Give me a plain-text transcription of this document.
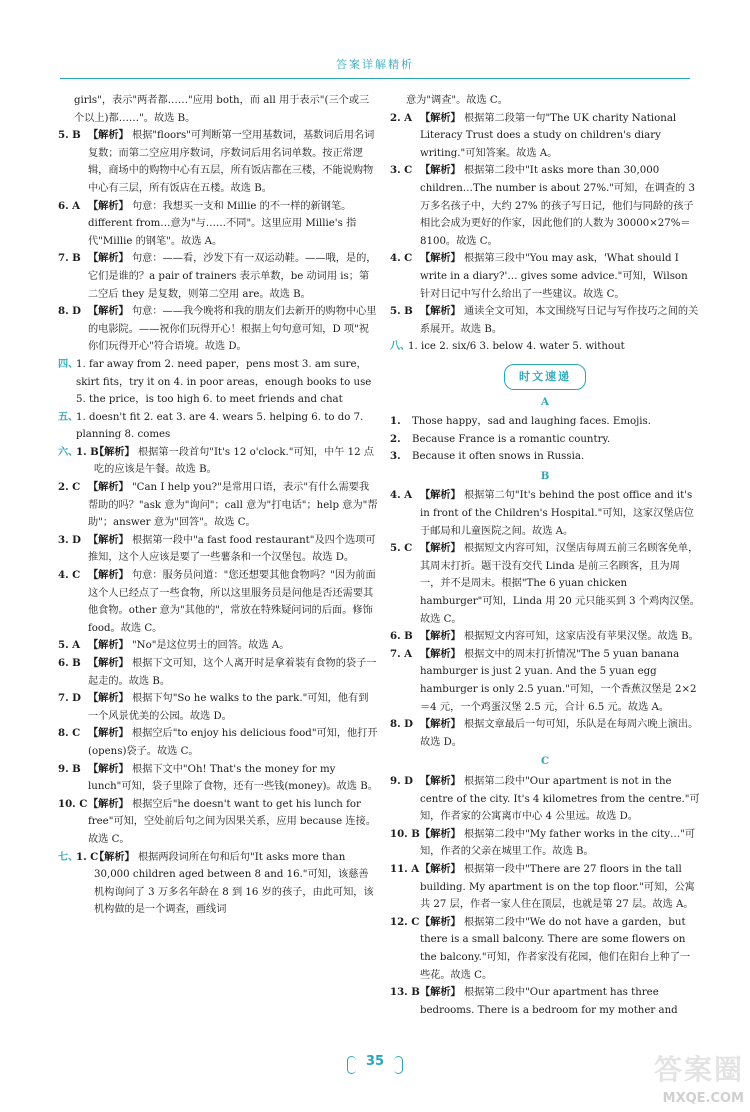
答案详解精析
girls"，表示"两者都……"应用 both，而 all 用于表示"(三个或三个以上)都……"。故选 B。
5. B 【解析】 根据"floors"可判断第一空用基数词，基数词后用名词复数；而第二空应用序数词，序数词后用名词单数。按正常逻辑，商场中的购物中心有五层，所有饭店都在三楼，不能说购物中心有三层，所有饭店在五楼。故选 B。
6. A 【解析】 句意：我想买一支和 Millie 的不一样的新钢笔。different from…意为"与……不同"。这里应用 Millie's 指代"Millie 的钢笔"。故选 A。
7. B 【解析】 句意：——看，沙发下有一双运动鞋。——哦，是的，它们是谁的？a pair of trainers 表示单数，be 动词用 is；第二空后 they 是复数，则第二空用 are。故选 B。
8. D 【解析】 句意：——我今晚将和我的朋友们去新开的购物中心里的电影院。——祝你们玩得开心！根据上句句意可知，D 项"祝你们玩得开心"符合语境。故选 D。
四、
1. far away from 2. need paper，pens most 3. am sure，skirt fits，try it on 4. in poor areas，enough books to use 5. the price，is too high 6. to meet friends and chat
五、
1. doesn't fit 2. eat 3. are 4. wears 5. helping 6. to do 7. planning 8. comes
六、
1. B
【解析】 根据第一段首句"It's 12 o'clock."可知，中午 12 点吃的应该是午餐。故选 B。
2. C 【解析】 "Can I help you?"是常用口语，表示"有什么需要我帮助的吗？"ask 意为"询问"；call 意为"打电话"；help 意为"帮助"；answer 意为"回答"。故选 C。
3. D 【解析】 根据第一段中"a fast food restaurant"及四个选项可推知，这个人应该是要了一些薯条和一个汉堡包。故选 D。
4. C 【解析】 句意：服务员问道："您还想要其他食物吗？"因为前面这个人已经点了一些食物，所以这里服务员是问他是否还需要其他食物。other 意为"其他的"，常放在特殊疑问词的后面。修饰 food。故选 C。
5. A 【解析】 "No"是这位男士的回答。故选 A。
6. B 【解析】 根据下文可知，这个人离开时是拿着装有食物的袋子一起走的。故选 B。
7. D 【解析】 根据下句"So he walks to the park."可知，他有到一个风景优美的公园。故选 D。
8. C 【解析】 根据空后"to enjoy his delicious food"可知，他打开(opens)袋子。故选 C。
9. B 【解析】 根据下文中"Oh! That's the money for my lunch"可知，袋子里除了食物，还有一些钱(money)。故选 B。
10. C 【解析】 根据空后"he doesn't want to get his lunch for free"可知，空处前后句之间为因果关系，应用 because 连接。故选 C。
七、
1. C
【解析】 根据两段词所在句和后句"It asks more than 30,000 children aged between 8 and 16."可知，该慈善机构询问了 3 万多名年龄在 8 到 16 岁的孩子，由此可知，该机构做的是一个调查，画线词
意为"调查"。故选 C。
2. A 【解析】 根据第二段第一句"The UK charity National Literacy Trust does a study on children's diary writing."可知答案。故选 A。
3. C 【解析】 根据第二段中"It asks more than 30,000 children…The number is about 27%."可知，在调查的 3 万多名孩子中，大约 27% 的孩子写日记，他们与同龄的孩子相比会成为更好的作家，因此他们的人数为 30000×27%＝8100。故选 C。
4. C 【解析】 根据第三段中"You may ask，'What should I write in a diary?'… gives some advice."可知，Wilson 针对日记中写什么给出了一些建议。故选 C。
5. B 【解析】 通读全文可知，本文围绕写日记与写作技巧之间的关系展开。故选 B。
八、
1. ice 2. six/6 3. below 4. water 5. without
时文速递
A
1. Those happy，sad and laughing faces. Emojis.
2. Because France is a romantic country.
3. Because it often snows in Russia.
B
4. A 【解析】 根据第二句"It's behind the post office and it's in front of the Children's Hospital."可知，这家汉堡店位于邮局和儿童医院之间。故选 A。
5. C 【解析】 根据短文内容可知，汉堡店每周五前三名顾客免单，其周末打折。题干没有交代 Linda 是前三名顾客，且为周一，并不是周末。根据"The 6 yuan chicken hamburger"可知，Linda 用 20 元只能买到 3 个鸡肉汉堡。故选 C。
6. B 【解析】 根据短文内容可知，这家店没有苹果汉堡。故选 B。
7. A 【解析】 根据文中的周末打折情况"The 5 yuan banana hamburger is just 2 yuan. And the 5 yuan egg hamburger is only 2.5 yuan."可知，一个香蕉汉堡是 2×2＝4 元，一个鸡蛋汉堡 2.5 元，合计 6.5 元。故选 A。
8. D 【解析】 根据文章最后一句可知，乐队是在每周六晚上演出。故选 D。
C
9. D 【解析】 根据第二段中"Our apartment is not in the centre of the city. It's 4 kilometres from the centre."可知，作者家的公寓离市中心 4 公里远。故选 D。
10. B 【解析】 根据第二段中"My father works in the city…"可知，作者的父亲在城里工作。故选 B。
11. A 【解析】 根据第一段中"There are 27 floors in the tall building. My apartment is on the top floor."可知，公寓共 27 层，作者一家人住在顶层，也就是第 27 层。故选 A。
12. C 【解析】 根据第二段中"We do not have a garden，but there is a small balcony. There are some flowers on the balcony."可知，作者家没有花园，他们在阳台上种了一些花。故选 C。
13. B 【解析】 根据第二段中"Our apartment has three bedrooms. There is a bedroom for my mother and
35	答案圈
MXQE.COM
